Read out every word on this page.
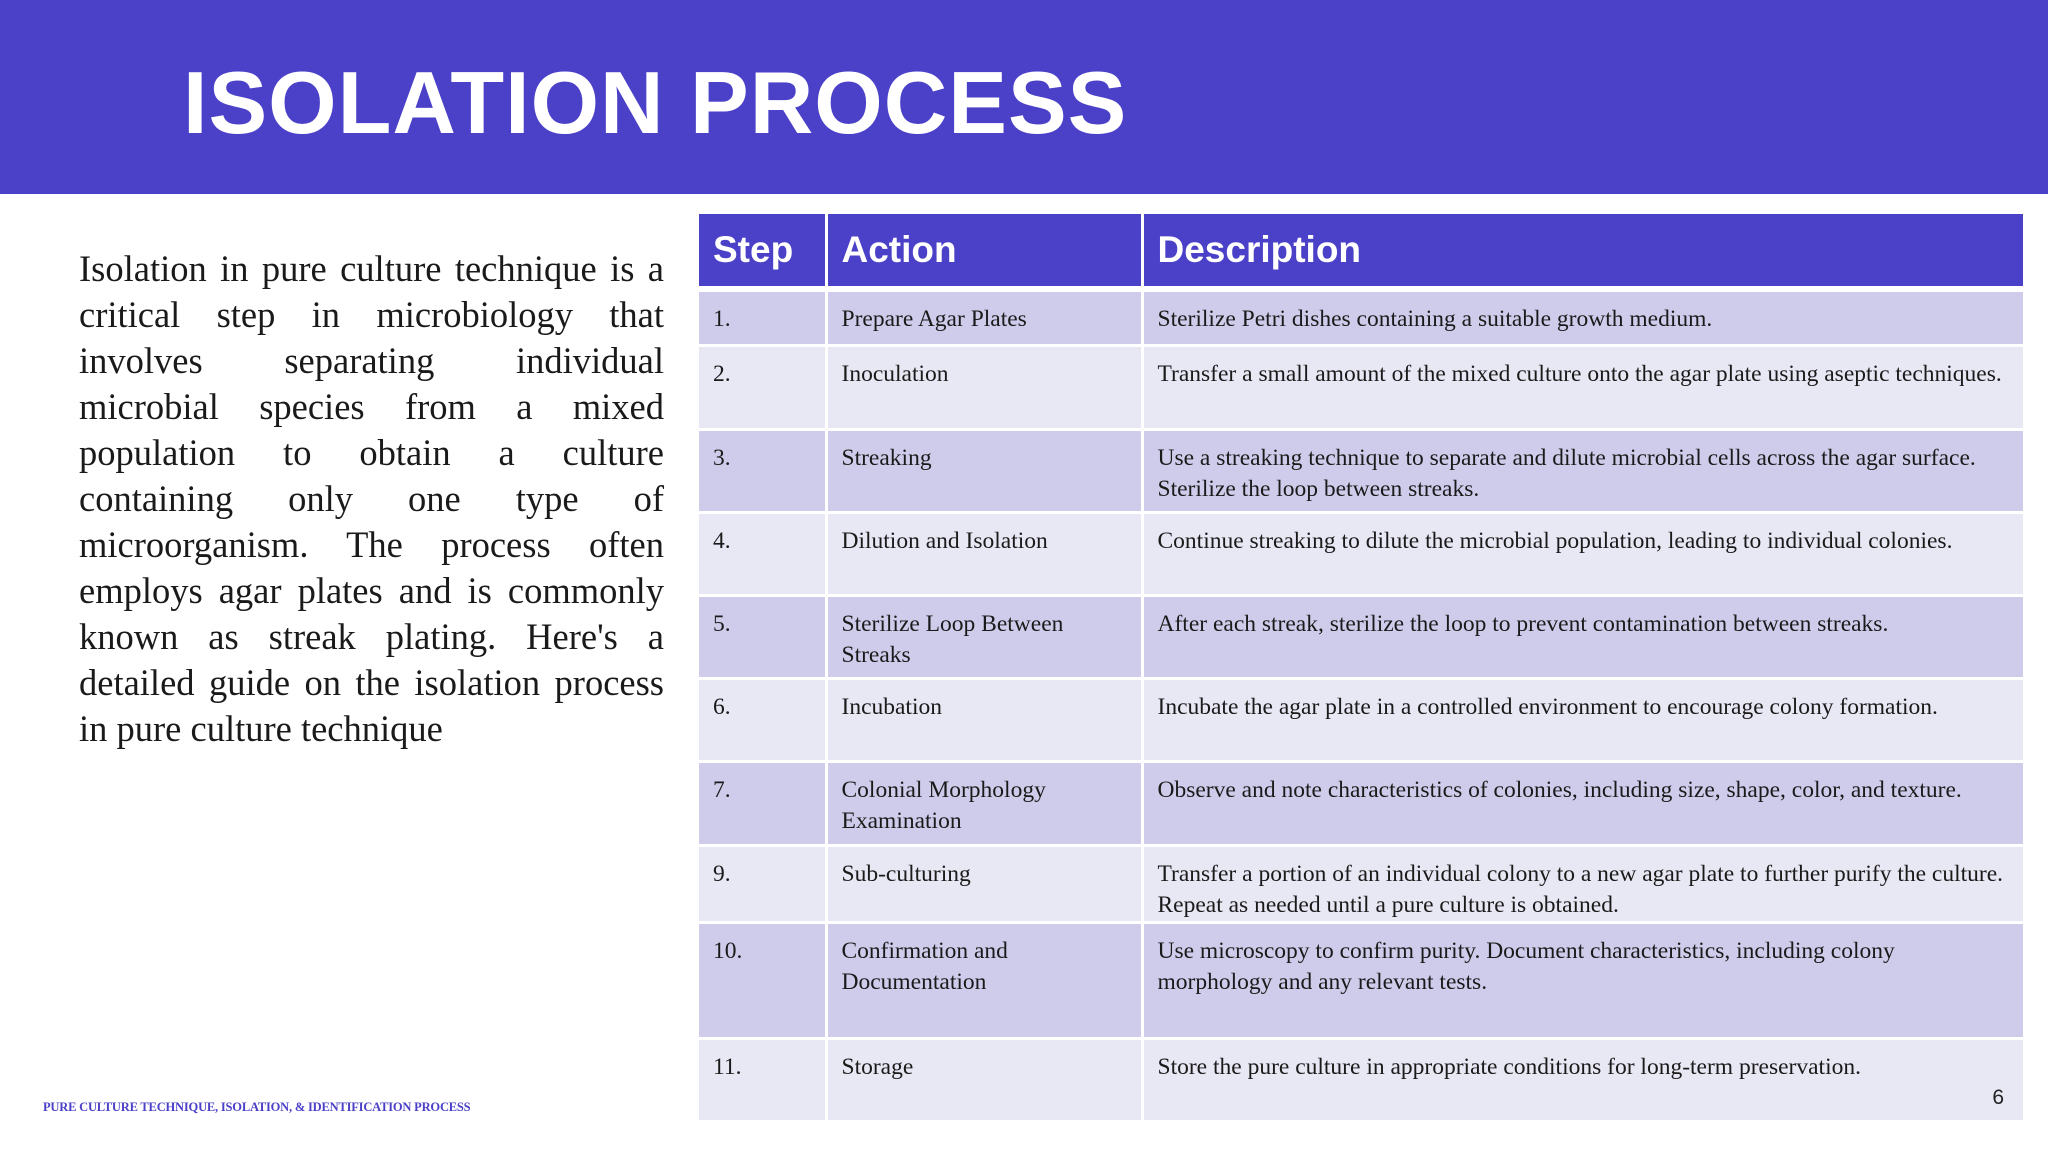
ISOLATION PROCESS

Isolation in pure culture technique is a critical step in microbiology that involves separating individual microbial species from a mixed population to obtain a culture containing only one type of microorganism. The process often employs agar plates and is commonly known as streak plating. Here's a detailed guide on the isolation process in pure culture technique

Step	Action	Description
1.	Prepare Agar Plates	Sterilize Petri dishes containing a suitable growth medium.
2.	Inoculation	Transfer a small amount of the mixed culture onto the agar plate using aseptic techniques.
3.	Streaking	Use a streaking technique to separate and dilute microbial cells across the agar surface. Sterilize the loop between streaks.
4.	Dilution and Isolation	Continue streaking to dilute the microbial population, leading to individual colonies.
5.	Sterilize Loop Between Streaks	After each streak, sterilize the loop to prevent contamination between streaks.
6.	Incubation	Incubate the agar plate in a controlled environment to encourage colony formation.
7.	Colonial Morphology Examination	Observe and note characteristics of colonies, including size, shape, color, and texture.
9.	Sub-culturing	Transfer a portion of an individual colony to a new agar plate to further purify the culture. Repeat as needed until a pure culture is obtained.
10.	Confirmation and Documentation	Use microscopy to confirm purity. Document characteristics, including colony morphology and any relevant tests.
11.	Storage	Store the pure culture in appropriate conditions for long-term preservation.
PURE CULTURE TECHNIQUE, ISOLATION, & IDENTIFICATION PROCESS	6
